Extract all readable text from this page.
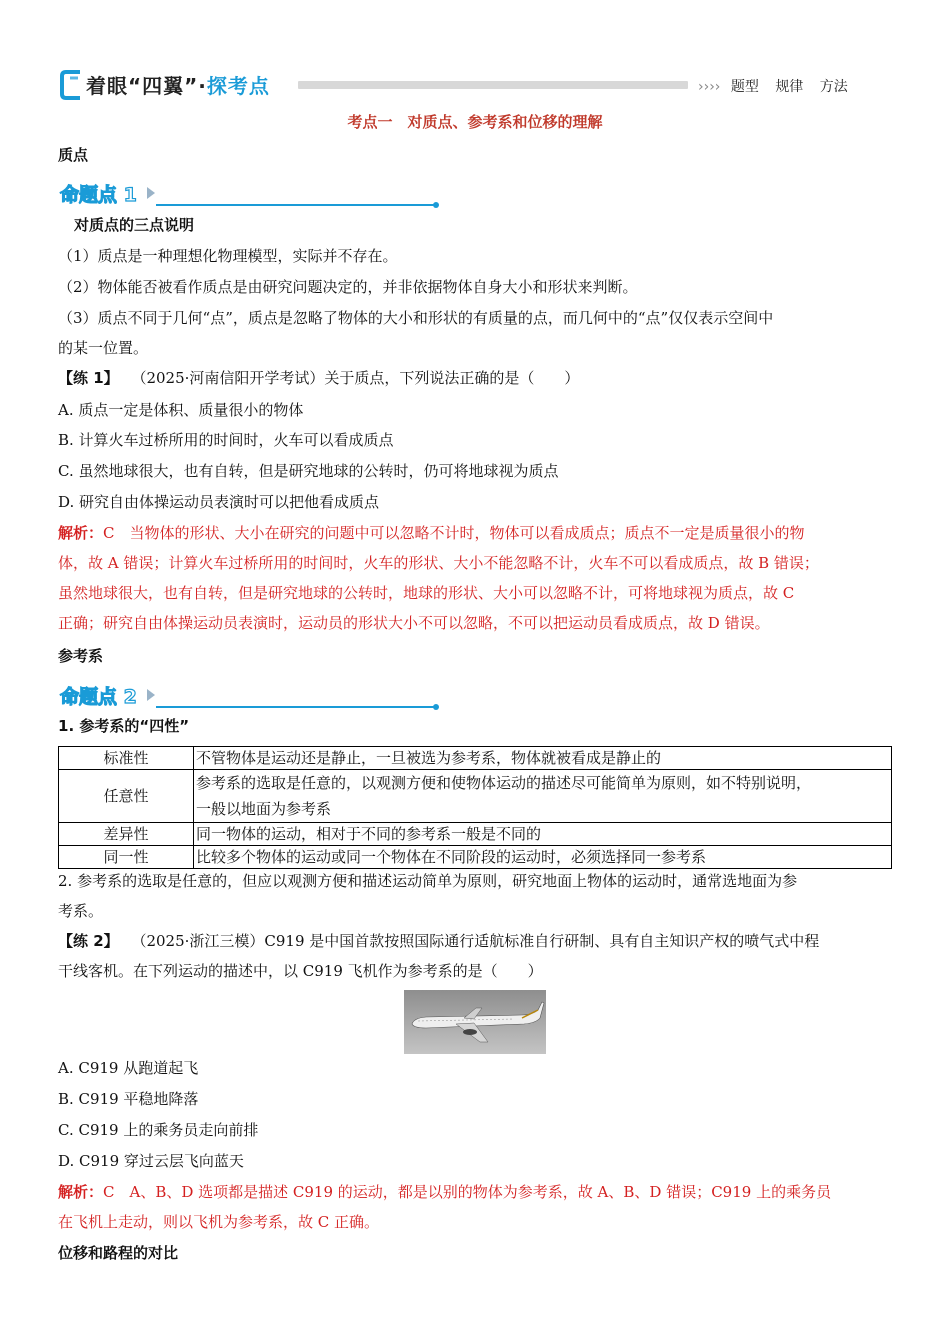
着眼“四翼”·探考点	›››› 题型 规律 方法
考点一　对质点、参考系和位移的理解
质点
命题点 1
对质点的三点说明
（1）质点是一种理想化物理模型，实际并不存在。
（2）物体能否被看作质点是由研究问题决定的，并非依据物体自身大小和形状来判断。
（3）质点不同于几何“点”，质点是忽略了物体的大小和形状的有质量的点，而几何中的“点”仅仅表示空间中
的某一位置。
【练 1】 （2025·河南信阳开学考试）关于质点，下列说法正确的是（　　）
A. 质点一定是体积、质量很小的物体
B. 计算火车过桥所用的时间时，火车可以看成质点
C. 虽然地球很大，也有自转，但是研究地球的公转时，仍可将地球视为质点
D. 研究自由体操运动员表演时可以把他看成质点
解析：C　当物体的形状、大小在研究的问题中可以忽略不计时，物体可以看成质点；质点不一定是质量很小的物
体，故 A 错误；计算火车过桥所用的时间时，火车的形状、大小不能忽略不计，火车不可以看成质点，故 B 错误；
虽然地球很大，也有自转，但是研究地球的公转时，地球的形状、大小可以忽略不计，可将地球视为质点，故 C
正确；研究自由体操运动员表演时，运动员的形状大小不可以忽略，不可以把运动员看成质点，故 D 错误。
参考系
命题点 2
1. 参考系的“四性”
标准性	不管物体是运动还是静止，一旦被选为参考系，物体就被看成是静止的
任意性	参考系的选取是任意的，以观测方便和使物体运动的描述尽可能简单为原则，如不特别说明，
一般以地面为参考系

差异性	同一物体的运动，相对于不同的参考系一般是不同的
同一性	比较多个物体的运动或同一个物体在不同阶段的运动时，必须选择同一参考系
2. 参考系的选取是任意的，但应以观测方便和描述运动简单为原则，研究地面上物体的运动时，通常选地面为参
考系。
【练 2】 （2025·浙江三模）C919 是中国首款按照国际通行适航标准自行研制、具有自主知识产权的喷气式中程
干线客机。在下列运动的描述中，以 C919 飞机作为参考系的是（　　）
A. C919 从跑道起飞
B. C919 平稳地降落
C. C919 上的乘务员走向前排
D. C919 穿过云层飞向蓝天
解析：C　A、B、D 选项都是描述 C919 的运动，都是以别的物体为参考系，故 A、B、D 错误；C919 上的乘务员
在飞机上走动，则以飞机为参考系，故 C 正确。
位移和路程的对比
